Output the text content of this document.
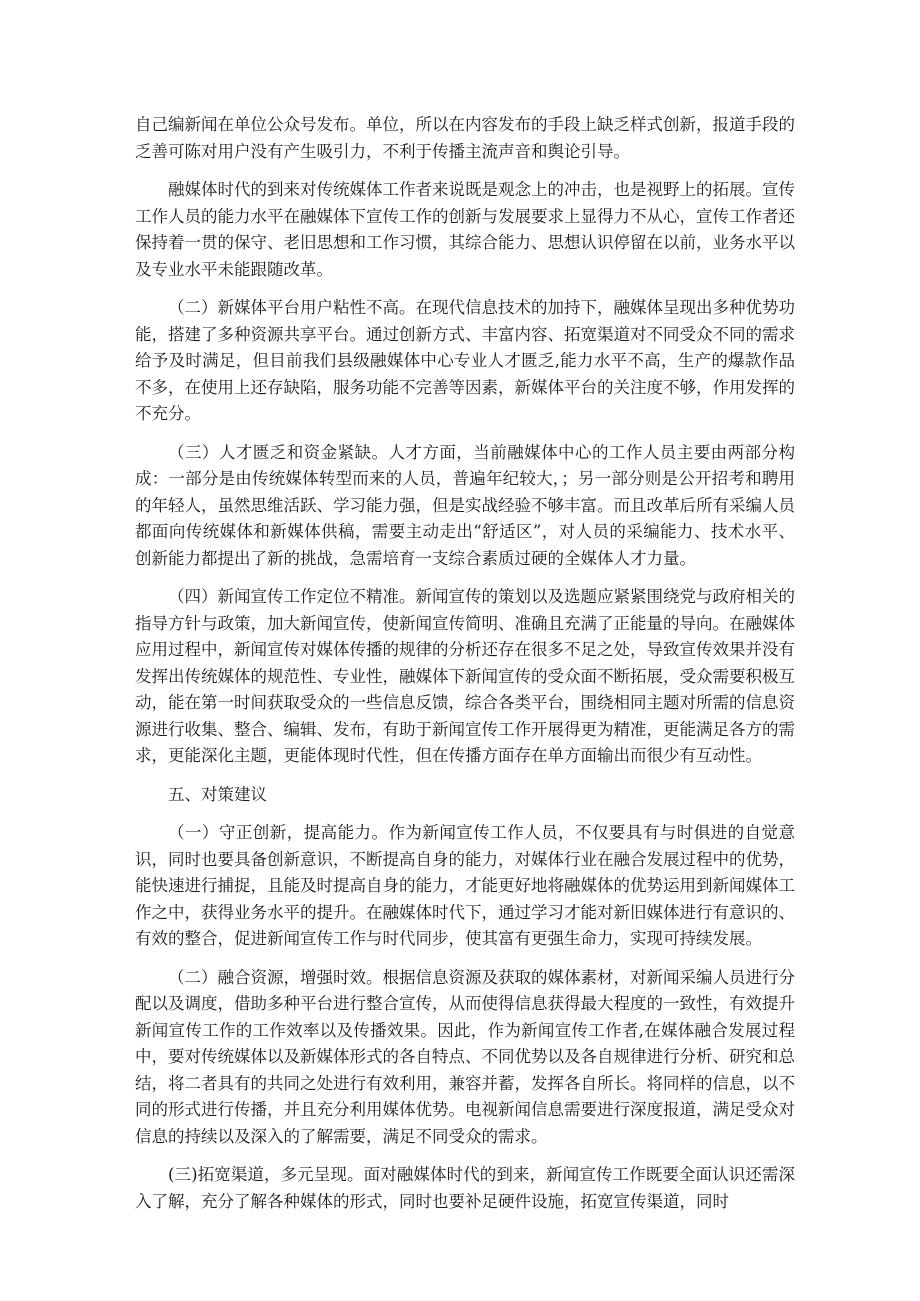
自己编新闻在单位公众号发布。单位，所以在内容发布的手段上缺乏样式创新，报道手段的乏善可陈对用户没有产生吸引力，不利于传播主流声音和舆论引导。

融媒体时代的到来对传统媒体工作者来说既是观念上的冲击，也是视野上的拓展。宣传工作人员的能力水平在融媒体下宣传工作的创新与发展要求上显得力不从心，宣传工作者还保持着一贯的保守、老旧思想和工作习惯，其综合能力、思想认识停留在以前，业务水平以及专业水平未能跟随改革。

（二）新媒体平台用户粘性不高。在现代信息技术的加持下，融媒体呈现出多种优势功能，搭建了多种资源共享平台。通过创新方式、丰富内容、拓宽渠道对不同受众不同的需求给予及时满足，但目前我们县级融媒体中心专业人才匮乏,能力水平不高，生产的爆款作品不多，在使用上还存缺陷，服务功能不完善等因素，新媒体平台的关注度不够，作用发挥的不充分。

（三）人才匮乏和资金紧缺。人才方面，当前融媒体中心的工作人员主要由两部分构成：一部分是由传统媒体转型而来的人员，普遍年纪较大，；另一部分则是公开招考和聘用的年轻人，虽然思维活跃、学习能力强，但是实战经验不够丰富。而且改革后所有采编人员都面向传统媒体和新媒体供稿，需要主动走出“舒适区”，对人员的采编能力、技术水平、创新能力都提出了新的挑战，急需培育一支综合素质过硬的全媒体人才力量。

（四）新闻宣传工作定位不精准。新闻宣传的策划以及选题应紧紧围绕党与政府相关的指导方针与政策，加大新闻宣传，使新闻宣传简明、准确且充满了正能量的导向。在融媒体应用过程中，新闻宣传对媒体传播的规律的分析还存在很多不足之处，导致宣传效果并没有发挥出传统媒体的规范性、专业性，融媒体下新闻宣传的受众面不断拓展，受众需要积极互动，能在第一时间获取受众的一些信息反馈，综合各类平台，围绕相同主题对所需的信息资源进行收集、整合、编辑、发布，有助于新闻宣传工作开展得更为精准，更能满足各方的需求，更能深化主题，更能体现时代性，但在传播方面存在单方面输出而很少有互动性。

五、对策建议

（一）守正创新，提高能力。作为新闻宣传工作人员，不仅要具有与时俱进的自觉意识，同时也要具备创新意识，不断提高自身的能力，对媒体行业在融合发展过程中的优势，能快速进行捕捉，且能及时提高自身的能力，才能更好地将融媒体的优势运用到新闻媒体工作之中，获得业务水平的提升。在融媒体时代下，通过学习才能对新旧媒体进行有意识的、有效的整合，促进新闻宣传工作与时代同步，使其富有更强生命力，实现可持续发展。

（二）融合资源，增强时效。根据信息资源及获取的媒体素材，对新闻采编人员进行分配以及调度，借助多种平台进行整合宣传，从而使得信息获得最大程度的一致性，有效提升新闻宣传工作的工作效率以及传播效果。因此，作为新闻宣传工作者,在媒体融合发展过程中，要对传统媒体以及新媒体形式的各自特点、不同优势以及各自规律进行分析、研究和总结，将二者具有的共同之处进行有效利用，兼容并蓄，发挥各自所长。将同样的信息，以不同的形式进行传播，并且充分利用媒体优势。电视新闻信息需要进行深度报道，满足受众对信息的持续以及深入的了解需要，满足不同受众的需求。

(三)拓宽渠道，多元呈现。面对融媒体时代的到来，新闻宣传工作既要全面认识还需深入了解，充分了解各种媒体的形式，同时也要补足硬件设施，拓宽宣传渠道，同时
